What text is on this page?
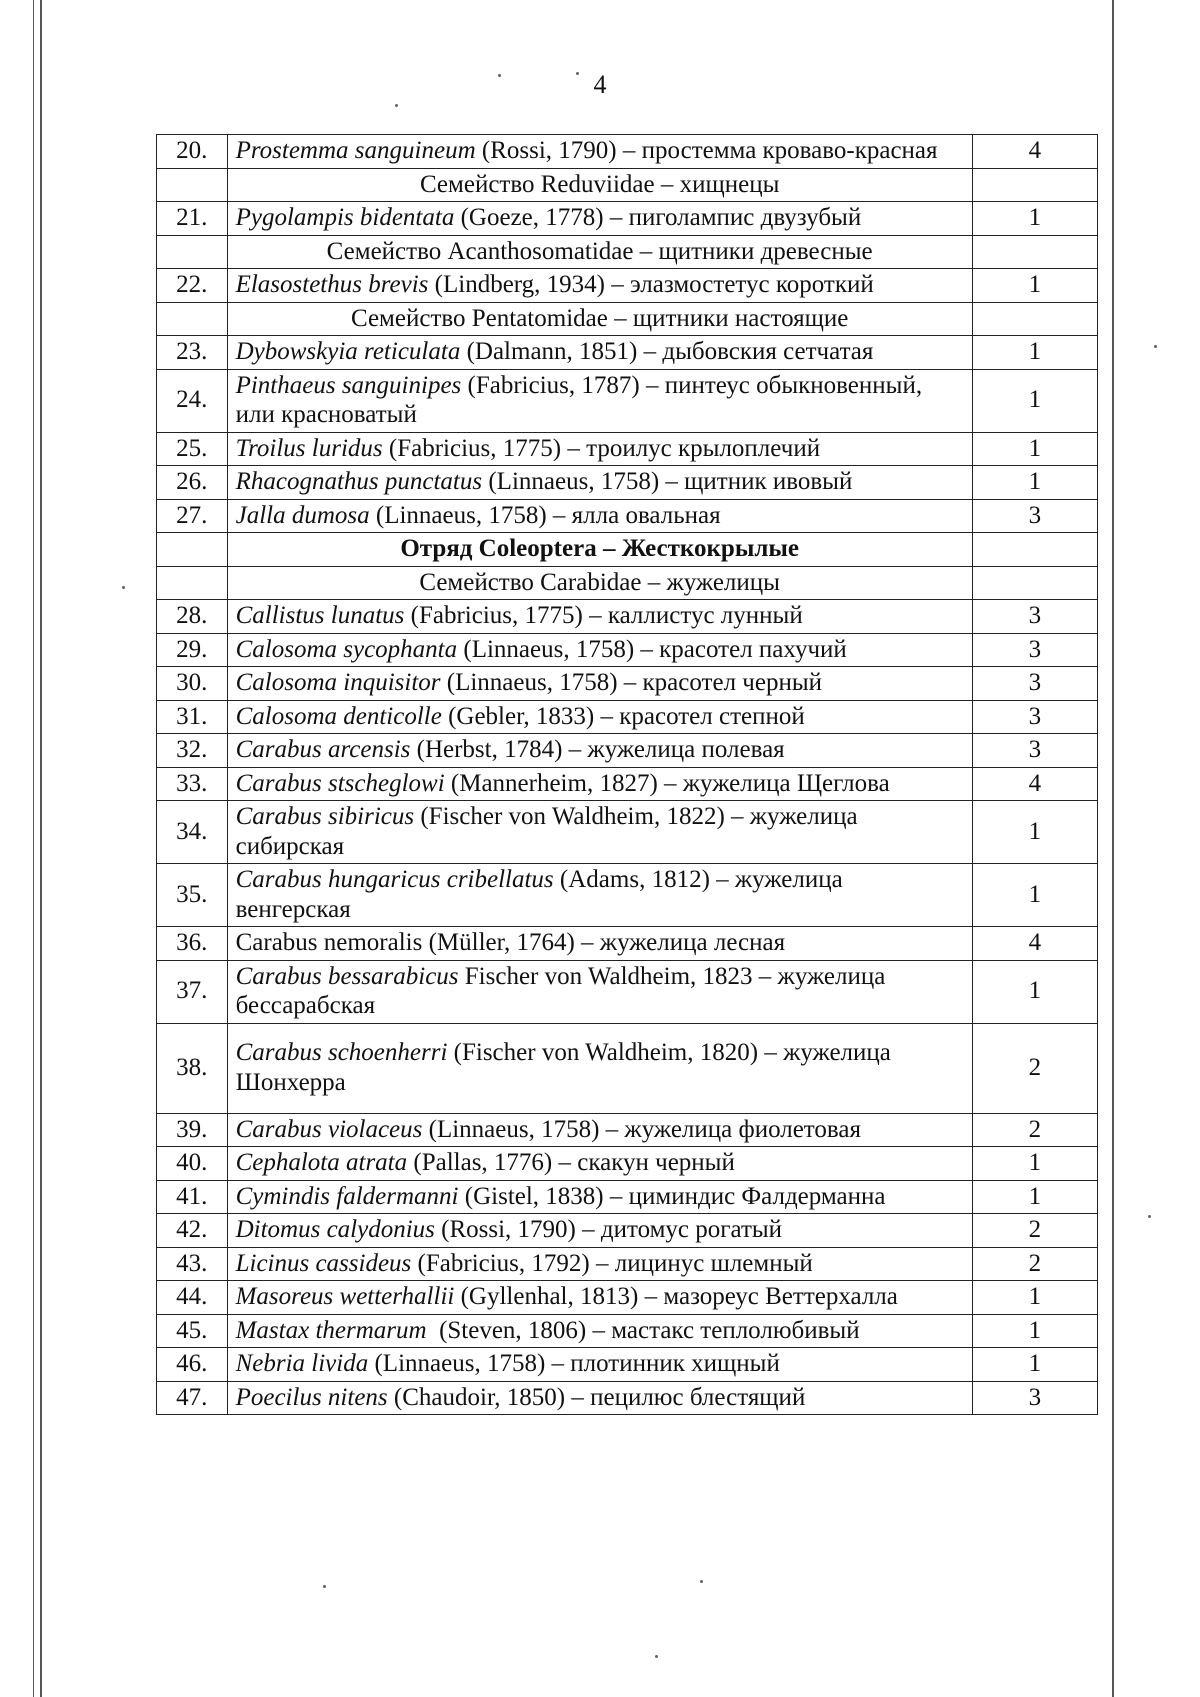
4
20.	Prostemma sanguineum (Rossi, 1790) – простемма кроваво-красная	4
	Семейство Reduviidae – хищнецы	
21.	Pygolampis bidentata (Goeze, 1778) – пиголампис двузубый	1
	Семейство Acanthosomatidae – щитники древесные	
22.	Elasostethus brevis (Lindberg, 1934) – элазмостетус короткий	1
	Семейство Pentatomidae – щитники настоящие	
23.	Dybowskyia reticulata (Dalmann, 1851) – дыбовския сетчатая	1
24.	Pinthaeus sanguinipes (Fabricius, 1787) – пинтеус обыкновенный, или красноватый	1
25.	Troilus luridus (Fabricius, 1775) – троилус крылоплечий	1
26.	Rhacognathus punctatus (Linnaeus, 1758) – щитник ивовый	1
27.	Jalla dumosa (Linnaeus, 1758) – ялла овальная	3
	Отряд Coleoptera – Жесткокрылые	
	Семейство Carabidae – жужелицы	
28.	Callistus lunatus (Fabricius, 1775) – каллистус лунный	3
29.	Calosoma sycophanta (Linnaeus, 1758) – красотел пахучий	3
30.	Calosoma inquisitor (Linnaeus, 1758) – красотел черный	3
31.	Calosoma denticolle (Gebler, 1833) – красотел степной	3
32.	Carabus arcensis (Herbst, 1784) – жужелица полевая	3
33.	Carabus stscheglowi (Mannerheim, 1827) – жужелица Щеглова	4
34.	Carabus sibiricus (Fischer von Waldheim, 1822) – жужелица сибирская	1
35.	Carabus hungaricus cribellatus (Adams, 1812) – жужелица венгерская	1
36.	Carabus nemoralis (Müller, 1764) – жужелица лесная	4
37.	Carabus bessarabicus Fischer von Waldheim, 1823 – жужелица бессарабская	1
38.	Carabus schoenherri (Fischer von Waldheim, 1820) – жужелица Шонхерра	2
39.	Carabus violaceus (Linnaeus, 1758) – жужелица фиолетовая	2
40.	Cephalota atrata (Pallas, 1776) – скакун черный	1
41.	Cymindis faldermanni (Gistel, 1838) – циминдис Фалдерманна	1
42.	Ditomus calydonius (Rossi, 1790) – дитомус рогатый	2
43.	Licinus cassideus (Fabricius, 1792) – лицинус шлемный	2
44.	Masoreus wetterhallii (Gyllenhal, 1813) – мазореус Веттерхалла	1
45.	Mastax thermarum  (Steven, 1806) – мастакс теплолюбивый	1
46.	Nebria livida (Linnaeus, 1758) – плотинник хищный	1
47.	Poecilus nitens (Chaudoir, 1850) – пецилюс блестящий	3
